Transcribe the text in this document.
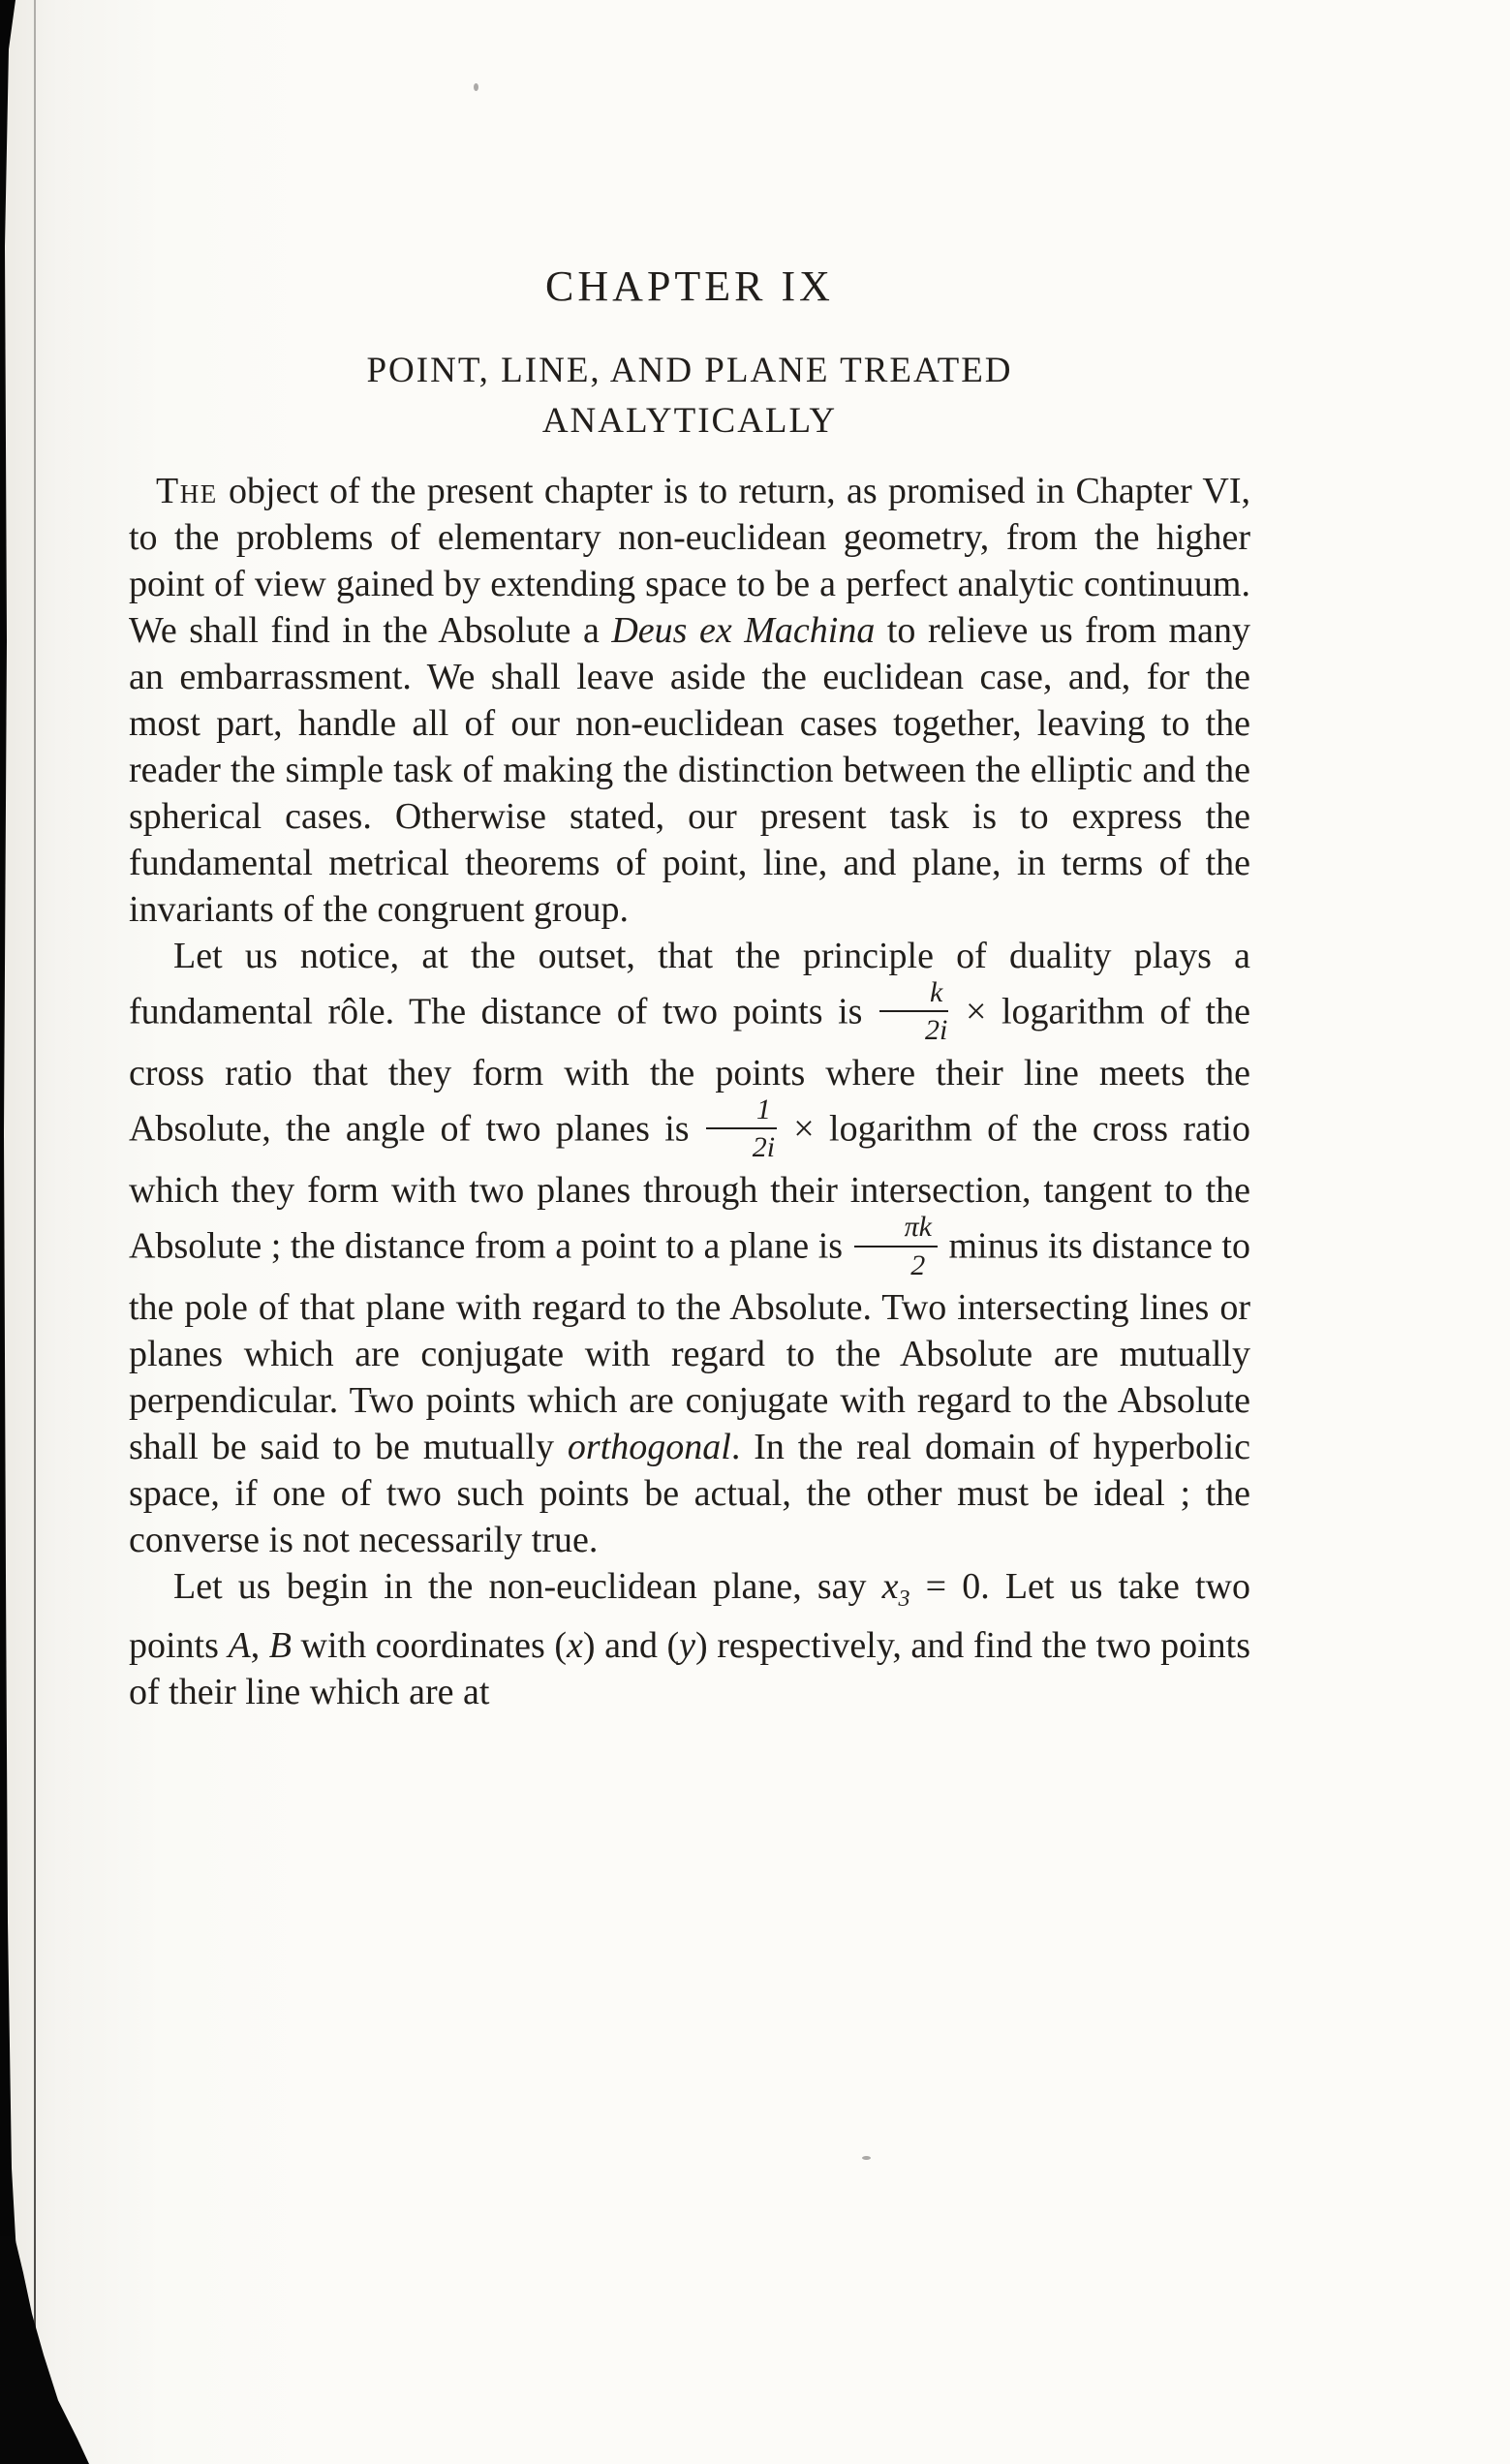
CHAPTER IX
POINT, LINE, AND PLANE TREATED
ANALYTICALLY

The object of the present chapter is to return, as promised in Chapter VI, to the problems of elementary non-euclidean geometry, from the higher point of view gained by extending space to be a perfect analytic continuum. We shall find in the Absolute a Deus ex Machina to relieve us from many an embarrassment. We shall leave aside the euclidean case, and, for the most part, handle all of our non-euclidean cases together, leaving to the reader the simple task of making the distinction between the elliptic and the spherical cases. Otherwise stated, our present task is to express the fundamental metrical theorems of point, line, and plane, in terms of the invariants of the congruent group.

Let us notice, at the outset, that the principle of duality plays a fundamental rôle. The distance of two points is $\frac{k}{2i}$ × logarithm of the cross ratio that they form with the points where their line meets the Absolute, the angle of two planes is $\frac{1}{2i}$ × logarithm of the cross ratio which they form with two planes through their intersection, tangent to the Absolute ; the distance from a point to a plane is $\frac{\pi k}{2}$ minus its distance to the pole of that plane with regard to the Absolute. Two intersecting lines or planes which are conjugate with regard to the Absolute are mutually perpendicular. Two points which are conjugate with regard to the Absolute shall be said to be mutually orthogonal. In the real domain of hyperbolic space, if one of two such points be actual, the other must be ideal ; the converse is not necessarily true.

Let us begin in the non-euclidean plane, say $x_3 = 0$. Let us take two points A, B with coordinates (x) and (y) respectively, and find the two points of their line which are at
